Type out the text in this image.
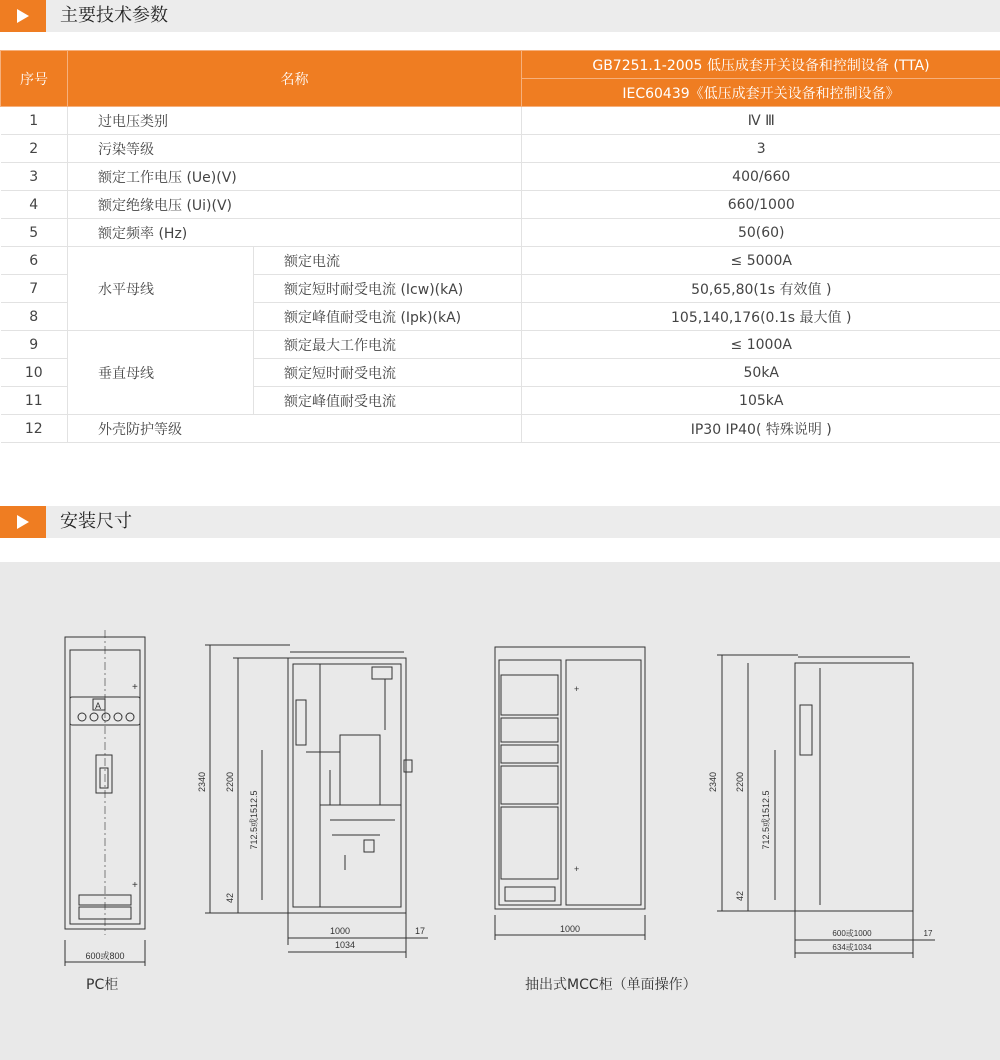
主要技术参数
序号	名称		GB7251.1-2005 低压成套开关设备和控制设备 (TTA)
			IEC60439《低压成套开关设备和控制设备》
1	过电压类别		Ⅳ Ⅲ
2	污染等级		3
3	额定工作电压 (Ue)(V)		400/660
4	额定绝缘电压 (Ui)(V)		660/1000
5	额定频率 (Hz)		50(60)
6	水平母线	额定电流	≤ 5000A
7		额定短时耐受电流 (Icw)(kA)	50,65,80(1s 有效值 )
8		额定峰值耐受电流 (Ipk)(kA)	105,140,176(0.1s 最大值 )
9	垂直母线	额定最大工作电流	≤ 1000A
10		额定短时耐受电流	50kA
11		额定峰值耐受电流	105kA
12	外壳防护等级		IP30 IP40( 特殊说明 )
安装尺寸
A
+
+
600或800
1000	17
1034
2340 2200
712.5或1512.5
42
+
+
1000	600或1000	17
634或1034
2340 2200
712.5或1512.5
42
PC柜	抽出式MCC柜（单面操作）
